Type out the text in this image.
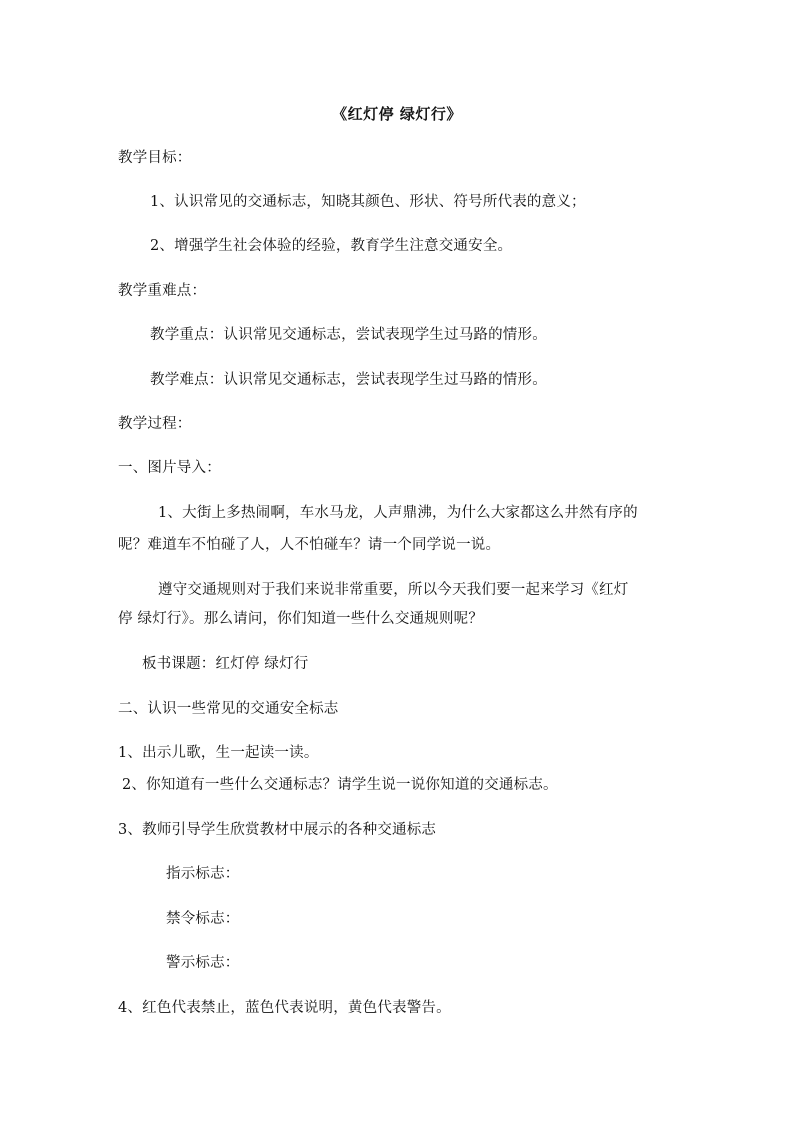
《红灯停 绿灯行》
教学目标：
1、认识常见的交通标志，知晓其颜色、形状、符号所代表的意义；
2、增强学生社会体验的经验，教育学生注意交通安全。
教学重难点：
教学重点：认识常见交通标志，尝试表现学生过马路的情形。
教学难点：认识常见交通标志，尝试表现学生过马路的情形。
教学过程：
一、图片导入：
1、大街上多热闹啊，车水马龙，人声鼎沸，为什么大家都这么井然有序的
呢？难道车不怕碰了人，人不怕碰车？请一个同学说一说。
遵守交通规则对于我们来说非常重要，所以今天我们要一起来学习《红灯
停 绿灯行》。那么请问，你们知道一些什么交通规则呢？
板书课题：红灯停 绿灯行
二、认识一些常见的交通安全标志
1、出示儿歌，生一起读一读。
2、你知道有一些什么交通标志？请学生说一说你知道的交通标志。
3、教师引导学生欣赏教材中展示的各种交通标志
指示标志：
禁令标志：
警示标志：
4、红色代表禁止，蓝色代表说明，黄色代表警告。
